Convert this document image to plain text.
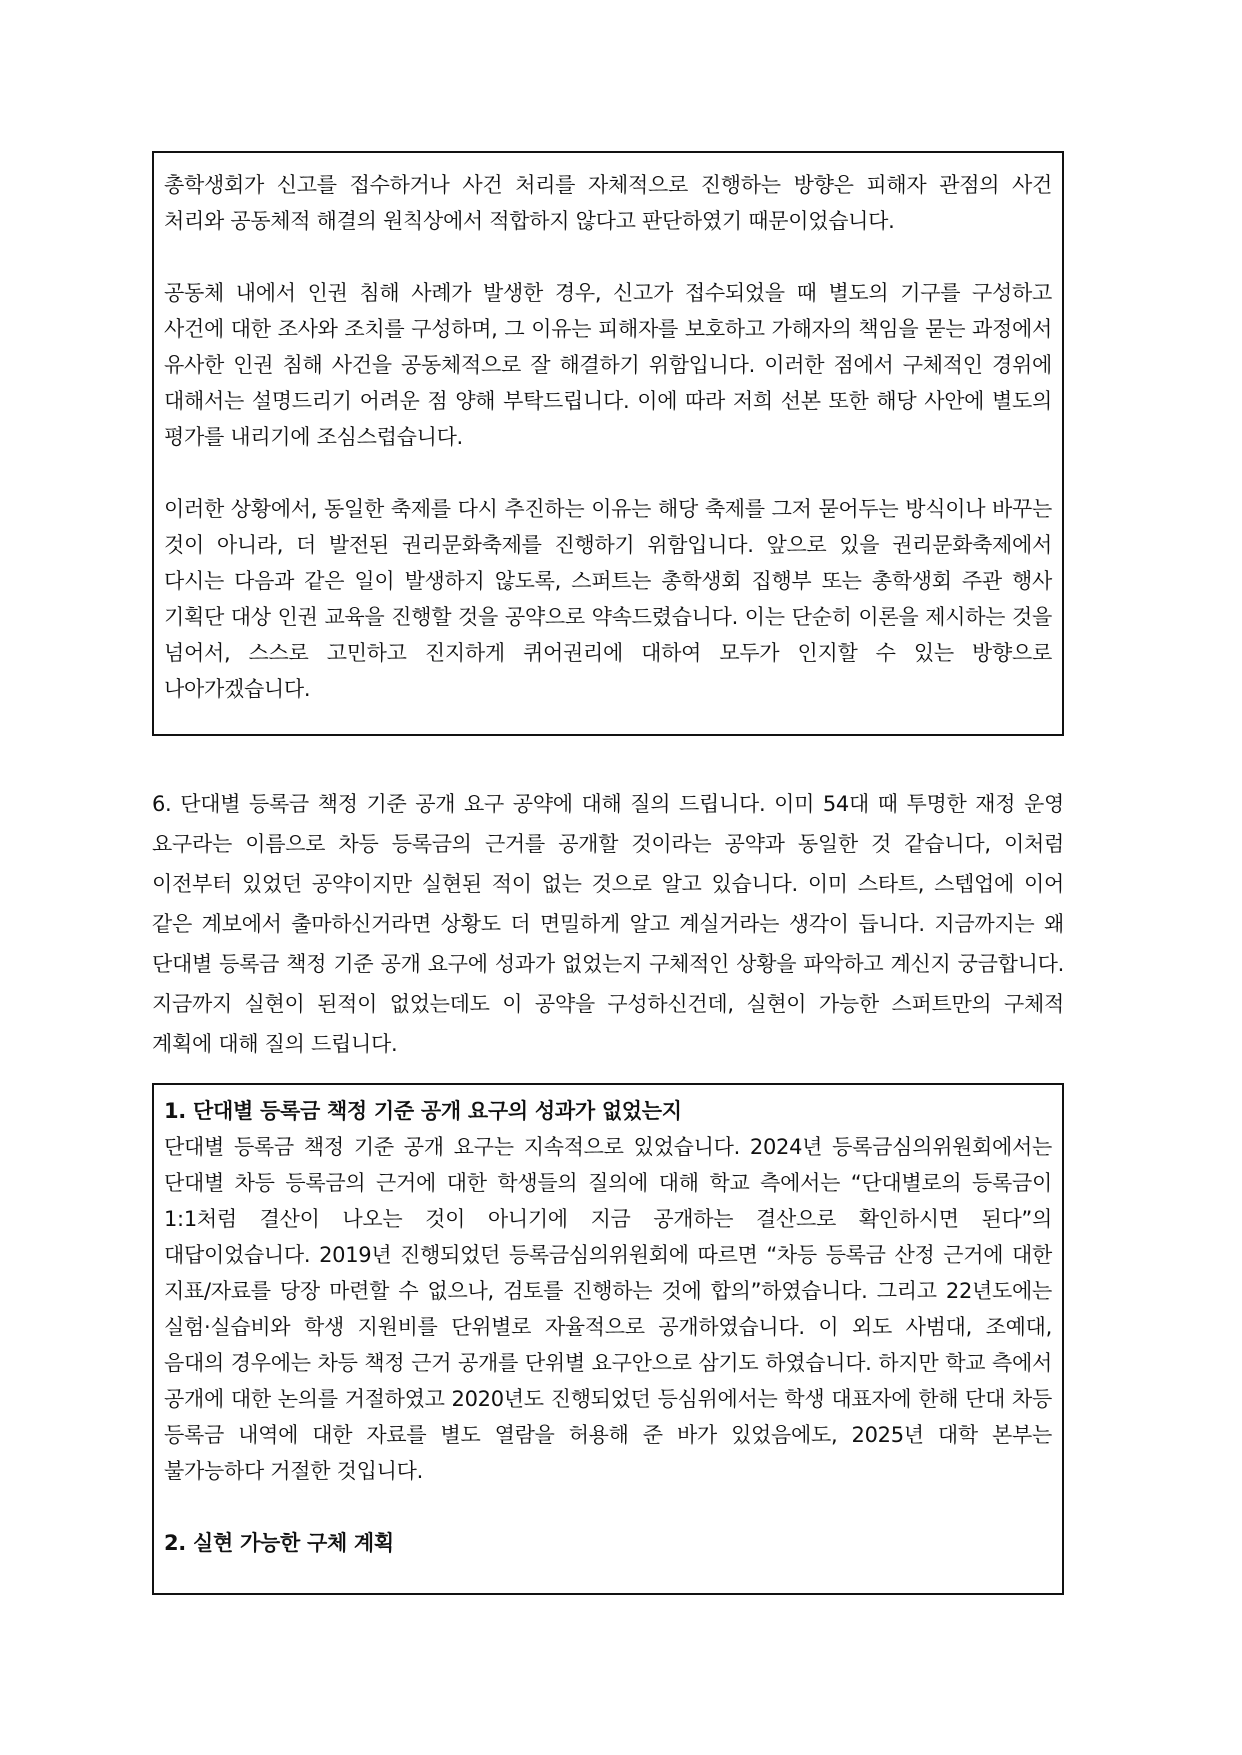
총학생회가 신고를 접수하거나 사건 처리를 자체적으로 진행하는 방향은 피해자 관점의 사건 처리와 공동체적 해결의 원칙상에서 적합하지 않다고 판단하였기 때문이었습니다.

공동체 내에서 인권 침해 사례가 발생한 경우, 신고가 접수되었을 때 별도의 기구를 구성하고 사건에 대한 조사와 조치를 구성하며, 그 이유는 피해자를 보호하고 가해자의 책임을 묻는 과정에서 유사한 인권 침해 사건을 공동체적으로 잘 해결하기 위함입니다. 이러한 점에서 구체적인 경위에 대해서는 설명드리기 어려운 점 양해 부탁드립니다. 이에 따라 저희 선본 또한 해당 사안에 별도의 평가를 내리기에 조심스럽습니다.

이러한 상황에서, 동일한 축제를 다시 추진하는 이유는 해당 축제를 그저 묻어두는 방식이나 바꾸는 것이 아니라, 더 발전된 권리문화축제를 진행하기 위함입니다. 앞으로 있을 권리문화축제에서 다시는 다음과 같은 일이 발생하지 않도록, 스퍼트는 총학생회 집행부 또는 총학생회 주관 행사 기획단 대상 인권 교육을 진행할 것을 공약으로 약속드렸습니다. 이는 단순히 이론을 제시하는 것을 넘어서, 스스로 고민하고 진지하게 퀴어권리에 대하여 모두가 인지할 수 있는 방향으로 나아가겠습니다.

6. 단대별 등록금 책정 기준 공개 요구 공약에 대해 질의 드립니다. 이미 54대 때 투명한 재정 운영 요구라는 이름으로 차등 등록금의 근거를 공개할 것이라는 공약과 동일한 것 같습니다, 이처럼 이전부터 있었던 공약이지만 실현된 적이 없는 것으로 알고 있습니다. 이미 스타트, 스텝업에 이어 같은 계보에서 출마하신거라면 상황도 더 면밀하게 알고 계실거라는 생각이 듭니다. 지금까지는 왜 단대별 등록금 책정 기준 공개 요구에 성과가 없었는지 구체적인 상황을 파악하고 계신지 궁금합니다. 지금까지 실현이 된적이 없었는데도 이 공약을 구성하신건데, 실현이 가능한 스퍼트만의 구체적 계획에 대해 질의 드립니다.

1. 단대별 등록금 책정 기준 공개 요구의 성과가 없었는지

단대별 등록금 책정 기준 공개 요구는 지속적으로 있었습니다. 2024년 등록금심의위원회에서는 단대별 차등 등록금의 근거에 대한 학생들의 질의에 대해 학교 측에서는 “단대별로의 등록금이 1:1처럼 결산이 나오는 것이 아니기에 지금 공개하는 결산으로 확인하시면 된다”의 대답이었습니다. 2019년 진행되었던 등록금심의위원회에 따르면 “차등 등록금 산정 근거에 대한 지표/자료를 당장 마련할 수 없으나, 검토를 진행하는 것에 합의”하였습니다. 그리고 22년도에는 실험·실습비와 학생 지원비를 단위별로 자율적으로 공개하였습니다. 이 외도 사범대, 조예대, 음대의 경우에는 차등 책정 근거 공개를 단위별 요구안으로 삼기도 하였습니다. 하지만 학교 측에서 공개에 대한 논의를 거절하였고 2020년도 진행되었던 등심위에서는 학생 대표자에 한해 단대 차등 등록금 내역에 대한 자료를 별도 열람을 허용해 준 바가 있었음에도, 2025년 대학 본부는 불가능하다 거절한 것입니다.

2. 실현 가능한 구체 계획
